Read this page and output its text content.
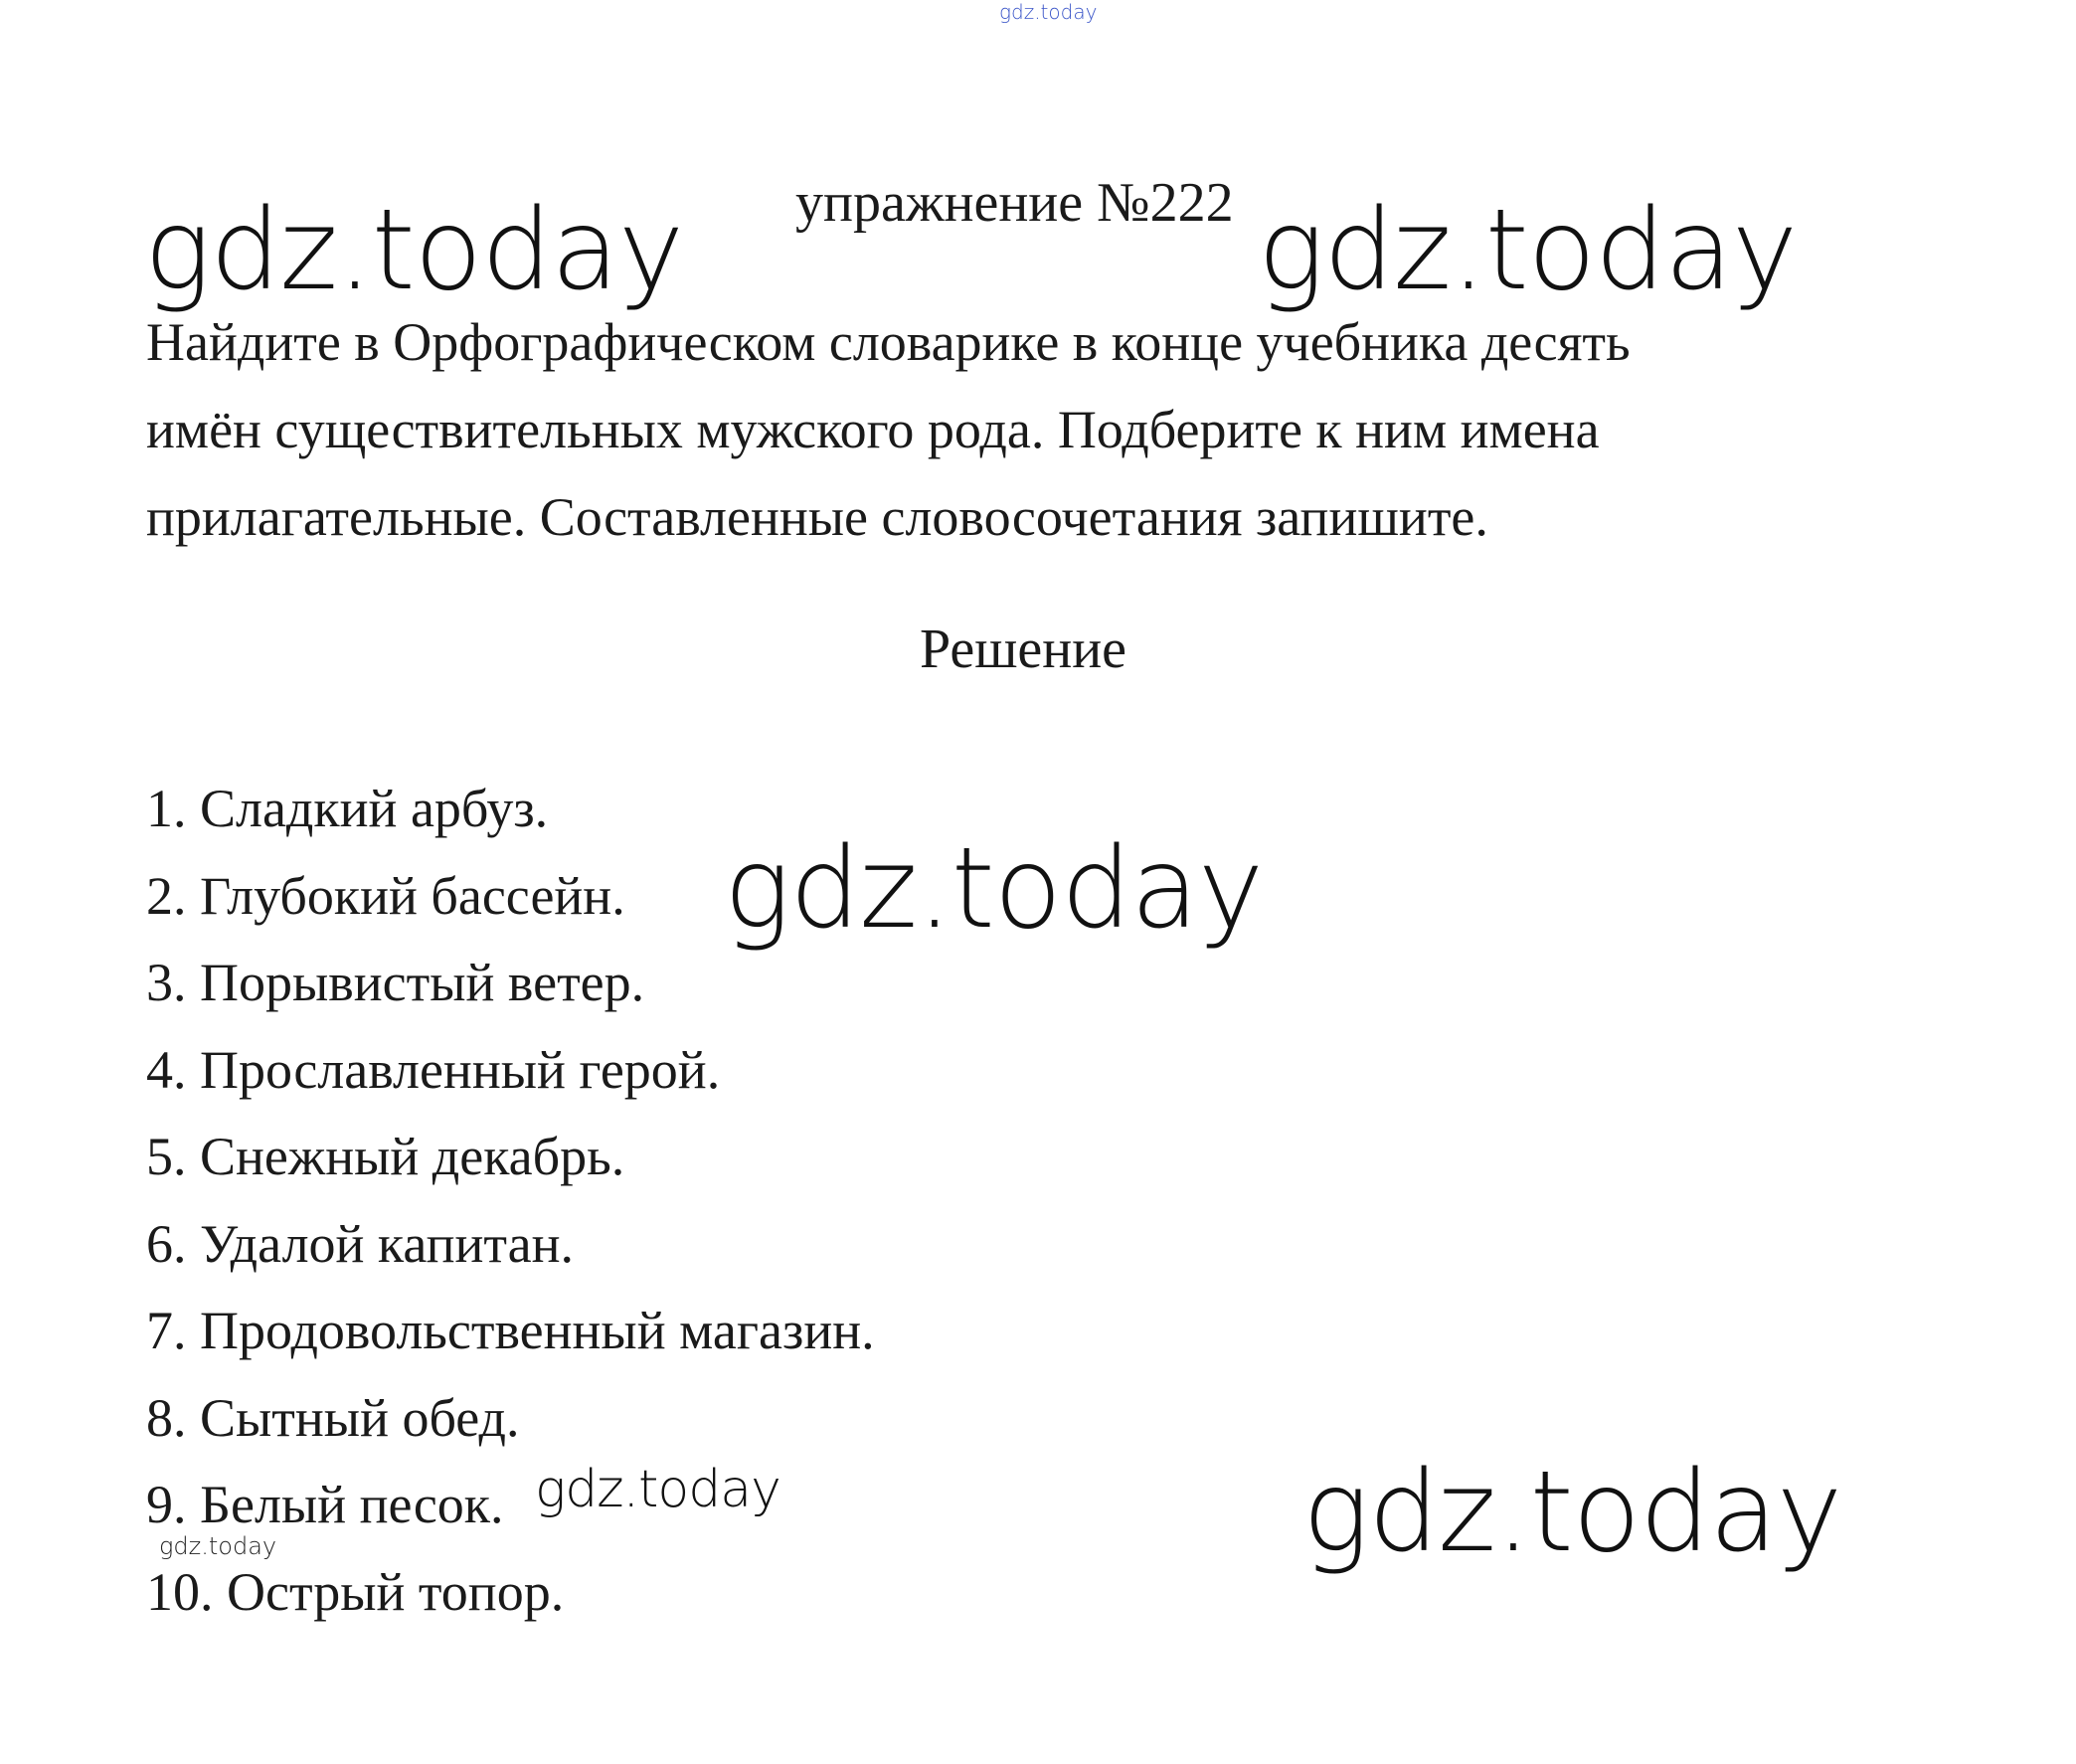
gdz.today
gdz.today	gdz.today
gdz.today
gdz.today
gdz.today
gdz.today
упражнение №222
Найдите в Орфографическом словарике в конце учебника десять
имён существительных мужского рода. Подберите к ним имена
прилагательные. Составленные словосочетания запишите.
Решение
1. Сладкий арбуз.
2. Глубокий бассейн.
3. Порывистый ветер.
4. Прославленный герой.
5. Снежный декабрь.
6. Удалой капитан.
7. Продовольственный магазин.
8. Сытный обед.
9. Белый песок.
10. Острый топор.
